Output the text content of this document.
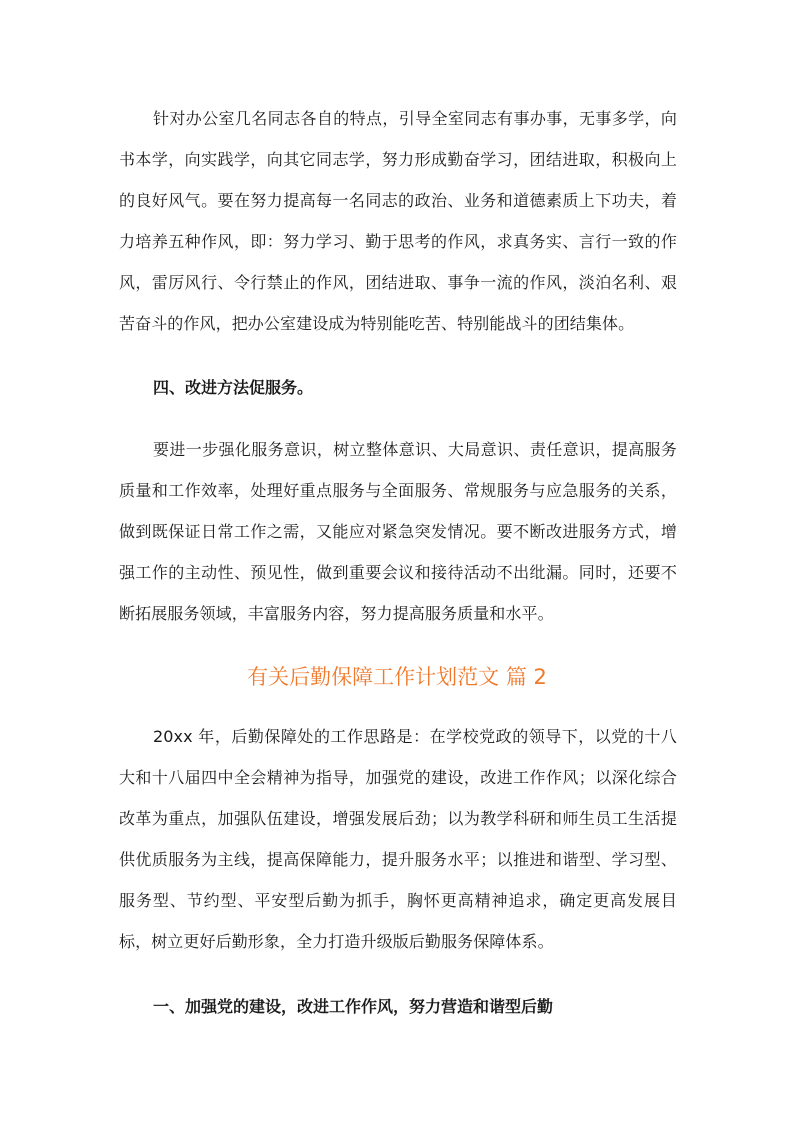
针对办公室几名同志各自的特点，引导全室同志有事办事，无事多学，向书本学，向实践学，向其它同志学，努力形成勤奋学习，团结进取，积极向上的良好风气。要在努力提高每一名同志的政治、业务和道德素质上下功夫，着力培养五种作风，即：努力学习、勤于思考的作风，求真务实、言行一致的作风，雷厉风行、令行禁止的作风，团结进取、事争一流的作风，淡泊名利、艰苦奋斗的作风，把办公室建设成为特别能吃苦、特别能战斗的团结集体。

四、改进方法促服务。

要进一步强化服务意识，树立整体意识、大局意识、责任意识，提高服务质量和工作效率，处理好重点服务与全面服务、常规服务与应急服务的关系，做到既保证日常工作之需，又能应对紧急突发情况。要不断改进服务方式，增强工作的主动性、预见性，做到重要会议和接待活动不出纰漏。同时，还要不断拓展服务领域，丰富服务内容，努力提高服务质量和水平。

有关后勤保障工作计划范文 篇 2

20xx 年，后勤保障处的工作思路是：在学校党政的领导下，以党的十八大和十八届四中全会精神为指导，加强党的建设，改进工作作风；以深化综合改革为重点，加强队伍建设，增强发展后劲；以为教学科研和师生员工生活提供优质服务为主线，提高保障能力，提升服务水平；以推进和谐型、学习型、服务型、节约型、平安型后勤为抓手，胸怀更高精神追求，确定更高发展目标，树立更好后勤形象，全力打造升级版后勤服务保障体系。

一、加强党的建设，改进工作作风，努力营造和谐型后勤
